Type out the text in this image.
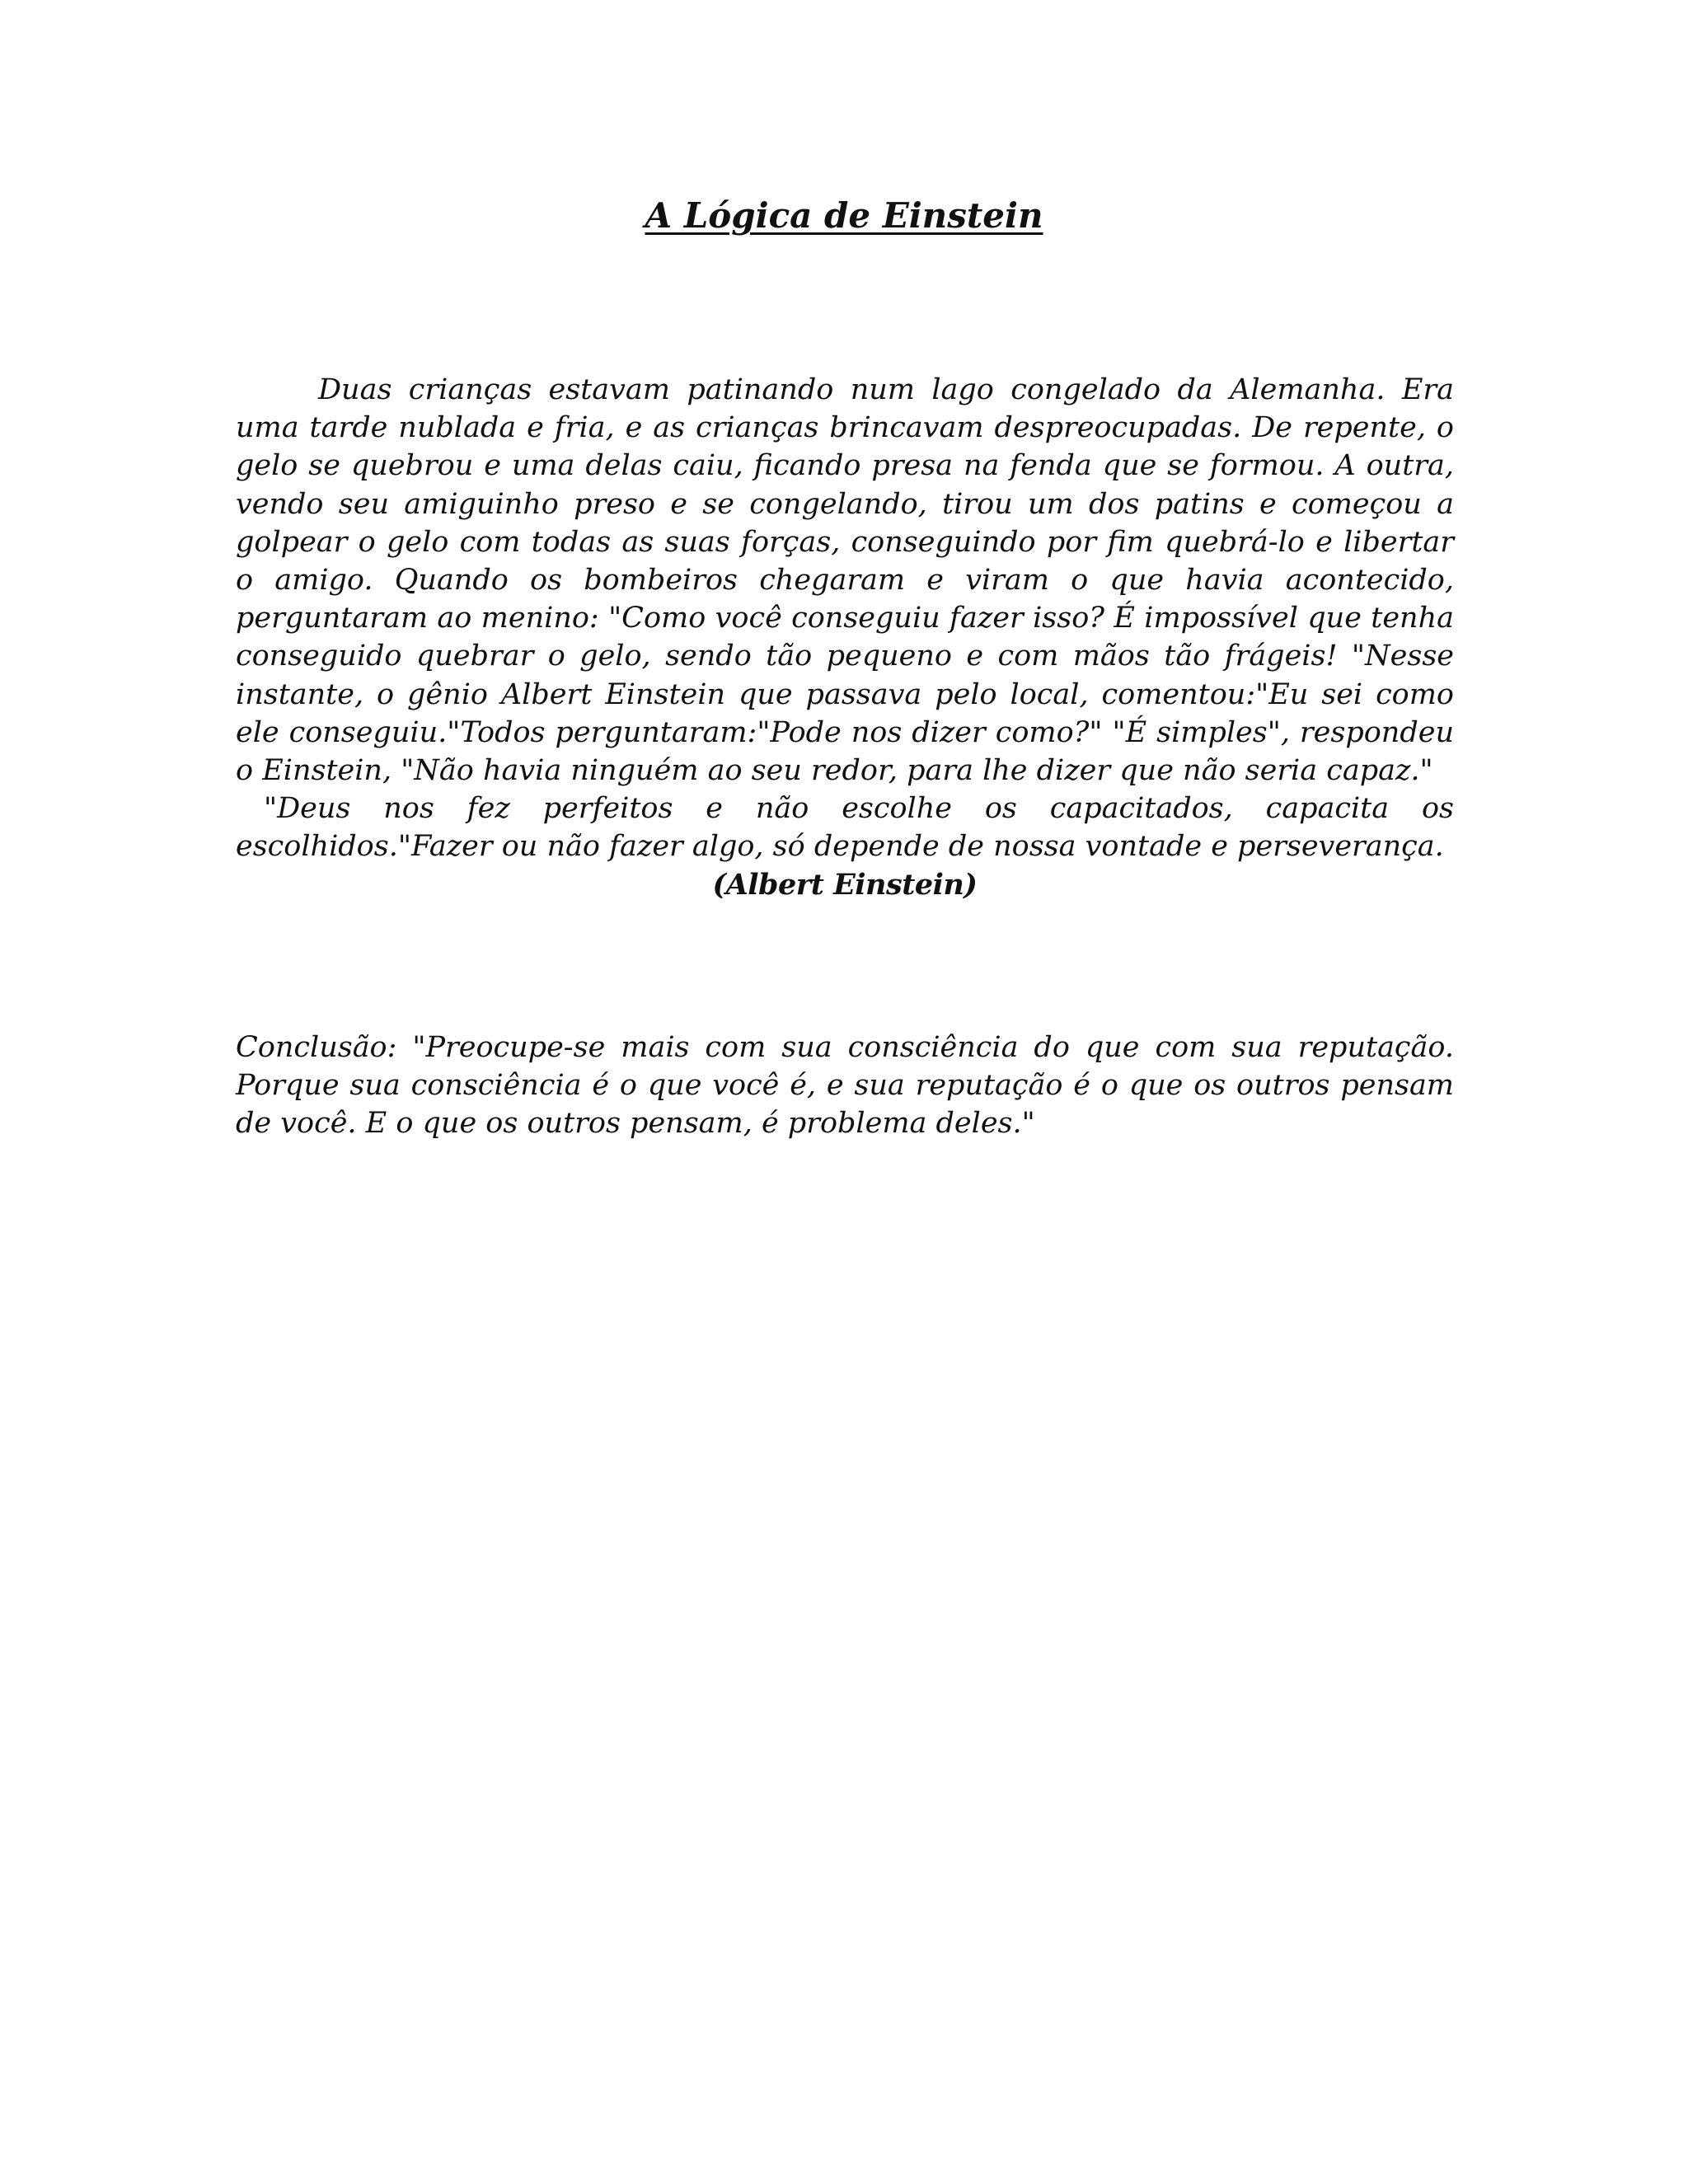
A Lógica de Einstein

Duas crianças estavam patinando num lago congelado da Alemanha. Era uma tarde nublada e fria, e as crianças brincavam despreocupadas. De repente, o gelo se quebrou e uma delas caiu, ficando presa na fenda que se formou. A outra, vendo seu amiguinho preso e se congelando, tirou um dos patins e começou a golpear o gelo com todas as suas forças, conseguindo por fim quebrá-lo e libertar o amigo. Quando os bombeiros chegaram e viram o que havia acontecido, perguntaram ao menino: "Como você conseguiu fazer isso? É impossível que tenha conseguido quebrar o gelo, sendo tão pequeno e com mãos tão frágeis! "Nesse instante, o gênio Albert Einstein que passava pelo local, comentou:"Eu sei como ele conseguiu."Todos perguntaram:"Pode nos dizer como?" "É simples", respondeu o Einstein, "Não havia ninguém ao seu redor, para lhe dizer que não seria capaz."

"Deus nos fez perfeitos e não escolhe os capacitados, capacita os escolhidos."Fazer ou não fazer algo, só depende de nossa vontade e perseverança.

(Albert Einstein)

Conclusão: "Preocupe-se mais com sua consciência do que com sua reputação. Porque sua consciência é o que você é, e sua reputação é o que os outros pensam de você. E o que os outros pensam, é problema deles."
